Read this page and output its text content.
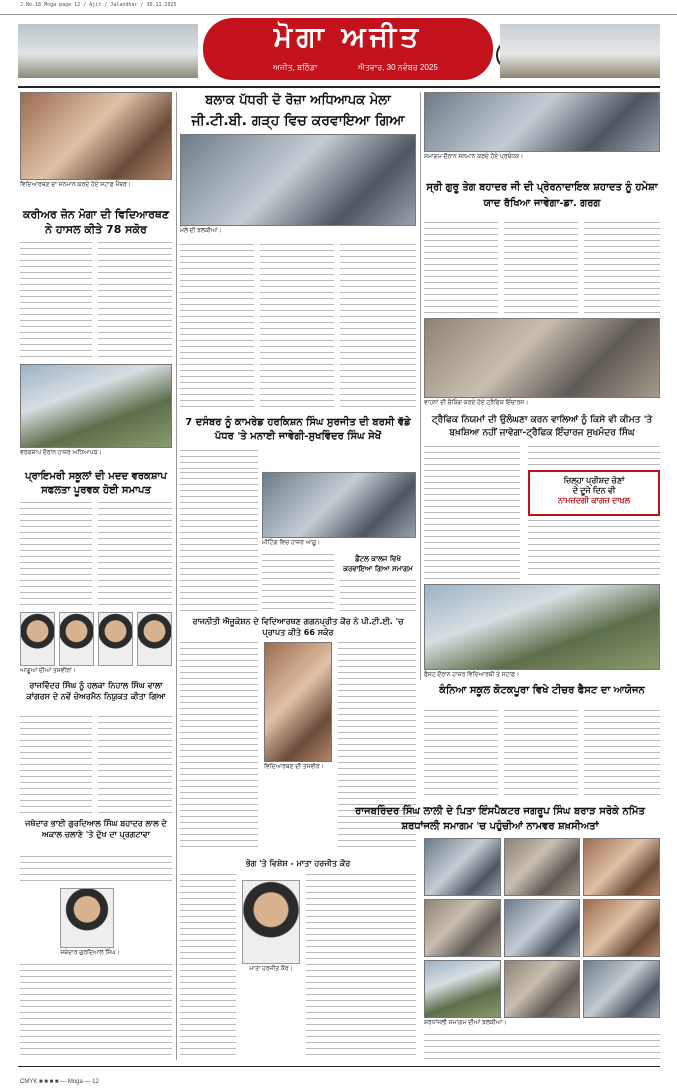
J.No.18 Moga page 12 / Ajit / Jalandhar / 30.11.2025
ਮੋਗਾ ਅਜੀਤ
ਅਜੀਤ, ਬਠਿੰਡਾ	ਐਤਵਾਰ, 30 ਨਵੰਬਰ 2025
ਵਿਦਿਆਰਥਣ ਦਾ ਸਨਮਾਨ ਕਰਦੇ ਹੋਏ ਸਟਾਫ਼ ਮੈਂਬਰ।
ਕਰੀਅਰ ਜ਼ੋਨ ਮੋਗਾ ਦੀ ਵਿਦਿਆਰਥਣ ਨੇ ਹਾਸਲ ਕੀਤੇ 78 ਸਕੋਰ
ਵਰਕਸ਼ਾਪ ਦੌਰਾਨ ਹਾਜ਼ਰ ਅਧਿਆਪਕ।
ਪ੍ਰਾਇਮਰੀ ਸਕੂਲਾਂ ਦੀ ਮਦਦ ਵਰਕਸ਼ਾਪ ਸਫਲਤਾ ਪੂਰਵਕ ਹੋਈ ਸਮਾਪਤ
ਆਗੂਆਂ ਦੀਆਂ ਤਸਵੀਰਾਂ।
ਰਾਜਵਿੰਦਰ ਸਿੰਘ ਨੂੰ ਹਲਕਾ ਨਿਹਾਲ ਸਿੰਘ ਵਾਲਾ ਕਾਂਗਰਸ ਦੇ ਨਵੇਂ ਚੇਅਰਮੈਨ ਨਿਯੁਕਤ ਕੀਤਾ ਗਿਆ
ਜਥੇਦਾਰ ਭਾਈ ਗੁਰਦਿਆਲ ਸਿੰਘ ਬਹਾਦਰ ਲਾਲ ਦੇ ਅਕਾਲ ਚਲਾਣੇ 'ਤੇ ਦੁੱਖ ਦਾ ਪ੍ਰਗਟਾਵਾ
ਜਥੇਦਾਰ ਗੁਰਦਿਆਲ ਸਿੰਘ।
ਬਲਾਕ ਪੱਧਰੀ ਦੋ ਰੋਜ਼ਾ ਅਧਿਆਪਕ ਮੇਲਾ
ਜੀ.ਟੀ.ਬੀ. ਗੜ੍ਹ ਵਿਚ ਕਰਵਾਇਆ ਗਿਆ
ਮੇਲੇ ਦੀ ਝਲਕੀਆਂ।
7 ਦਸੰਬਰ ਨੂੰ ਕਾਮਰੇਡ ਹਰਕਿਸ਼ਨ ਸਿੰਘ ਸੁਰਜੀਤ ਦੀ ਬਰਸੀ ਵੱਡੇ ਪੱਧਰ 'ਤੇ ਮਨਾਈ ਜਾਵੇਗੀ-ਸੁਖਵਿੰਦਰ ਸਿੰਘ ਸੇਖੋਂ
ਮੀਟਿੰਗ ਵਿਚ ਹਾਜ਼ਰ ਆਗੂ।
ਡੈਂਟਲ ਕਾਲਜ ਵਿਖੇ ਕਰਵਾਇਆ ਗਿਆ ਸਮਾਗਮ
ਰਾਜਨੀਤੀ ਐਜੂਕੇਸ਼ਨ ਦੇ ਵਿਦਿਆਰਥਣ ਗਗਨਪ੍ਰੀਤ ਕੌਰ ਨੇ ਪੀ.ਟੀ.ਈ. 'ਚ ਪ੍ਰਾਪਤ ਕੀਤੇ 66 ਸਕੋਰ
ਵਿਦਿਆਰਥਣ ਦੀ ਤਸਵੀਰ।
ਭੋਗ 'ਤੇ ਵਿਸ਼ੇਸ਼ - ਮਾਤਾ ਹਰਜੀਤ ਕੌਰ
ਮਾਤਾ ਹਰਜੀਤ ਕੌਰ।
ਸਮਾਗਮ ਦੌਰਾਨ ਸਨਮਾਨ ਕਰਦੇ ਹੋਏ ਪ੍ਰਬੰਧਕ।
ਸ੍ਰੀ ਗੁਰੂ ਤੇਗ ਬਹਾਦਰ ਜੀ ਦੀ ਪ੍ਰੇਰਨਾਦਾਇਕ ਸ਼ਹਾਦਤ ਨੂੰ ਹਮੇਸ਼ਾ ਯਾਦ ਰੱਖਿਆ ਜਾਵੇਗਾ-ਡਾ. ਗਰਗ
ਵਾਹਨਾਂ ਦੀ ਚੈਕਿੰਗ ਕਰਦੇ ਹੋਏ ਟ੍ਰੈਫਿਕ ਇੰਚਾਰਜ।
ਟ੍ਰੈਫਿਕ ਨਿਯਮਾਂ ਦੀ ਉਲੰਘਣਾ ਕਰਨ ਵਾਲਿਆਂ ਨੂੰ ਕਿਸੇ ਵੀ ਕੀਮਤ 'ਤੇ ਬਖ਼ਸ਼ਿਆ ਨਹੀਂ ਜਾਵੇਗਾ-ਟ੍ਰੈਫਿਕ ਇੰਚਾਰਜ ਸੁਖਮੰਦਰ ਸਿੰਘ
ਜ਼ਿਲ੍ਹਾ ਪ੍ਰੀਸ਼ਦ ਚੋਣਾਂ
ਦੇ ਦੂਜੇ ਦਿਨ ਵੀ
ਨਾਮਜ਼ਦਗੀ ਕਾਗਜ਼ ਦਾਖ਼ਲ
ਫੈਸਟ ਦੌਰਾਨ ਹਾਜ਼ਰ ਵਿਦਿਆਰਥੀ ਤੇ ਸਟਾਫ਼।
ਕੰਨਿਆ ਸਕੂਲ ਕੋਟਕਪੂਰਾ ਵਿਖੇ ਟੀਚਰ ਫੈਸਟ ਦਾ ਆਯੋਜਨ
ਰਾਜਬਰਿੰਦਰ ਸਿੰਘ ਲਾਲੀ ਦੇ ਪਿਤਾ ਇੰਸਪੈਕਟਰ ਜਗਰੂਪ ਸਿੰਘ ਬਰਾੜ ਸਰੋਕੇ ਨਮਿੱਤ ਸ਼ਰਧਾਂਜਲੀ ਸਮਾਗਮ 'ਚ ਪਹੁੰਚੀਆਂ ਨਾਮਵਰ ਸ਼ਖ਼ਸੀਅਤਾਂ
ਸ਼ਰਧਾਂਜਲੀ ਸਮਾਗਮ ਦੀਆਂ ਝਲਕੀਆਂ।
CMYK ■ ■ ■ ■ — Moga — 12
